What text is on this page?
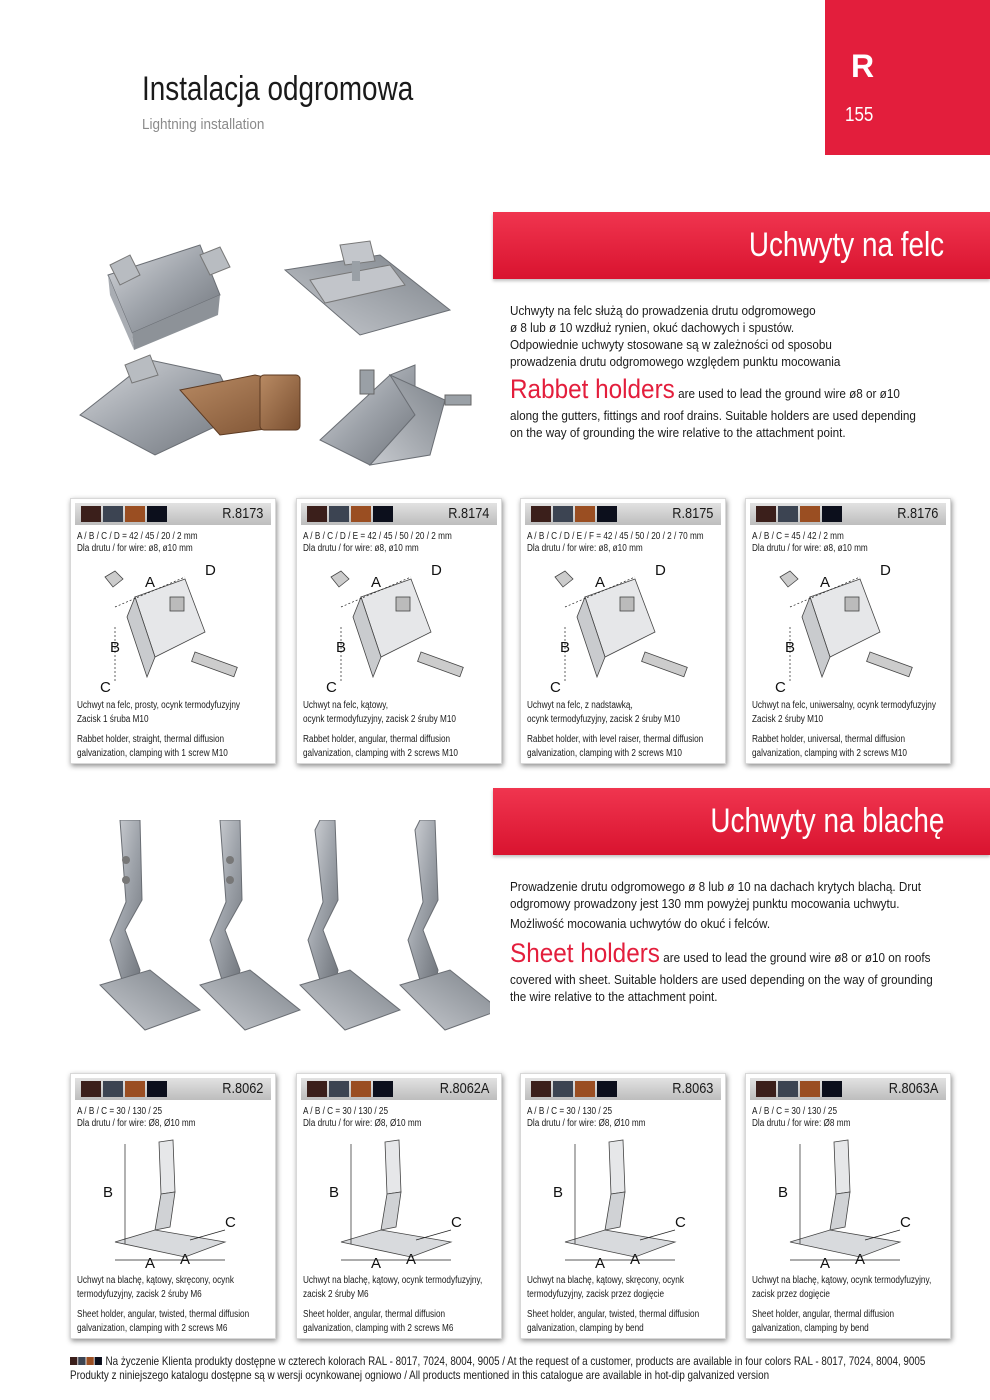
Instalacja odgromowa
Lightning installation
R
155
Uchwyty na felc

Uchwyty na felc służą do prowadzenia drutu odgromowego

ø 8 lub ø 10 wzdłuż rynien, okuć dachowych i spustów.

Odpowiednie uchwyty stosowane są w zależności od sposobu

prowadzenia drutu odgromowego względem punktu mocowania

Rabbet holders are used to lead the ground wire ø8 or ø10

along the gutters, fittings and roof drains. Suitable holders are used depending

on the way of grounding the wire relative to the attachment point.

R.8173
A / B / C / D = 42 / 45 / 20 / 2 mm
Dla drutu / for wire: ø8, ø10 mm
A
D
B
C
Uchwyt na felc, prosty, ocynk termodyfuzyjny
Zacisk 1 śruba M10
Rabbet holder, straight, thermal diffusion
galvanization, clamping with 1 screw M10
R.8174
A / B / C / D / E = 42 / 45 / 50 / 20 / 2 mm
Dla drutu / for wire: ø8, ø10 mm
A
D
B
C
Uchwyt na felc, kątowy,
ocynk termodyfuzyjny, zacisk 2 śruby M10
Rabbet holder, angular, thermal diffusion
galvanization, clamping with 2 screws M10
R.8175
A / B / C / D / E / F = 42 / 45 / 50 / 20 / 2 / 70 mm
Dla drutu / for wire: ø8, ø10 mm
A
D
B
C
Uchwyt na felc, z nadstawką,
ocynk termodyfuzyjny, zacisk 2 śruby M10
Rabbet holder, with level raiser, thermal diffusion
galvanization, clamping with 2 screws M10
R.8176
A / B / C = 45 / 42 / 2 mm
Dla drutu / for wire: ø8, ø10 mm
A
D
B
C
Uchwyt na felc, uniwersalny, ocynk termodyfuzyjny
Zacisk 2 śruby M10
Rabbet holder, universal, thermal diffusion
galvanization, clamping with 2 screws M10
Uchwyty na blachę

Prowadzenie drutu odgromowego ø 8 lub ø 10 na dachach krytych blachą. Drut

odgromowy prowadzony jest 130 mm powyżej punktu mocowania uchwytu.

Możliwość mocowania uchwytów do okuć i felców.

Sheet holders are used to lead the ground wire ø8 or ø10 on roofs

covered with sheet. Suitable holders are used depending on the way of grounding

the wire relative to the attachment point.

R.8062
A / B / C = 30 / 130 / 25
Dla drutu / for wire: Ø8, Ø10 mm
B
C
A A
Uchwyt na blachę, kątowy, skręcony, ocynk
termodyfuzyjny, zacisk 2 śruby M6
Sheet holder, angular, twisted, thermal diffusion
galvanization, clamping with 2 screws M6
R.8062A
A / B / C = 30 / 130 / 25
Dla drutu / for wire: Ø8, Ø10 mm
B
C
A A
Uchwyt na blachę, kątowy, ocynk termodyfuzyjny,
zacisk 2 śruby M6
Sheet holder, angular, thermal diffusion
galvanization, clamping with 2 screws M6
R.8063
A / B / C = 30 / 130 / 25
Dla drutu / for wire: Ø8, Ø10 mm
B
C
A A
Uchwyt na blachę, kątowy, skręcony, ocynk
termodyfuzyjny, zacisk przez dogięcie
Sheet holder, angular, twisted, thermal diffusion
galvanization, clamping by bend
R.8063A
A / B / C = 30 / 130 / 25
Dla drutu / for wire: Ø8 mm
B
C
A A
Uchwyt na blachę, kątowy, ocynk termodyfuzyjny,
zacisk przez dogięcie
Sheet holder, angular, thermal diffusion
galvanization, clamping by bend
Na życzenie Klienta produkty dostępne w czterech kolorach RAL - 8017, 7024, 8004, 9005 / At the request of a customer, products are available in four colors RAL - 8017, 7024, 8004, 9005
Produkty z niniejszego katalogu dostępne są w wersji ocynkowanej ogniowo / All products mentioned in this catalogue are available in hot-dip galvanized version
